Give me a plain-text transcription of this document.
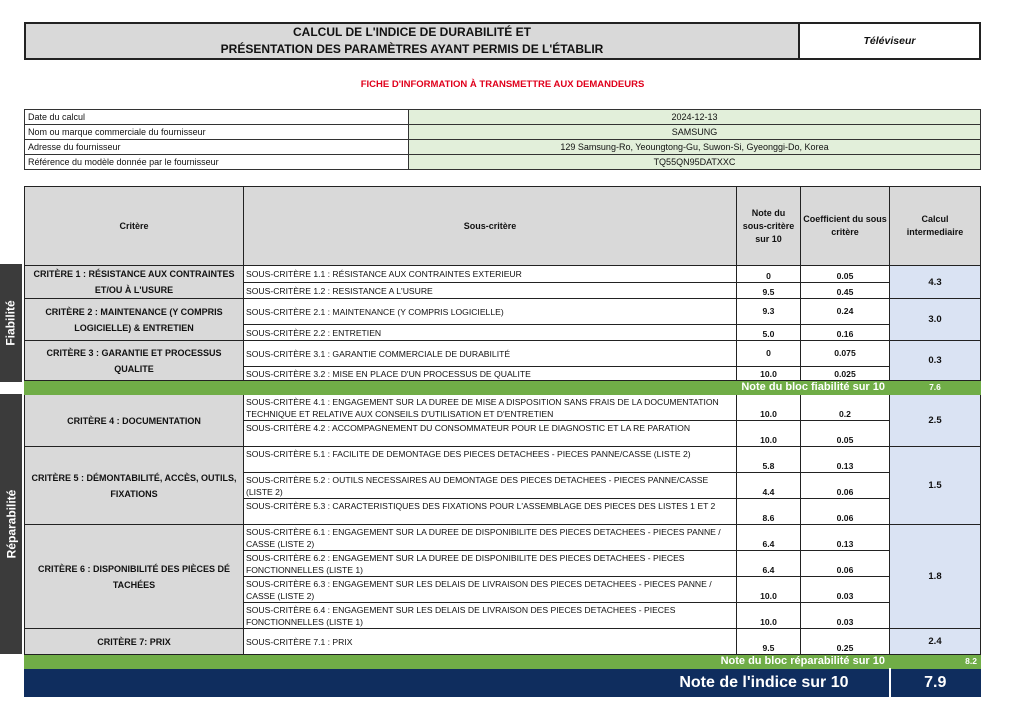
CALCUL DE L'INDICE DE DURABILITÉ ET
PRÉSENTATION DES PARAMÈTRES AYANT PERMIS DE L'ÉTABLIR
Téléviseur
FICHE D'INFORMATION À TRANSMETTRE AUX DEMANDEURS
Date du calcul	2024-12-13
Nom ou marque commerciale du fournisseur	SAMSUNG
Adresse du fournisseur	129 Samsung-Ro, Yeoungtong-Gu, Suwon-Si, Gyeonggi-Do, Korea
Référence du modèle donnée par le fournisseur	TQ55QN95DATXXC
Fiabilité
Réparabilité
Critère	Sous-critère	Note du sous-critère sur 10	Coefficient du sous critère	Calcul intermediaire
CRITÈRE 1 : RÉSISTANCE AUX CONTRAINTES ET/OU À L'USURE	SOUS-CRITÈRE 1.1 : RÉSISTANCE AUX CONTRAINTES EXTERIEUR	0	0.05	4.3
	SOUS-CRITÈRE 1.2 : RESISTANCE A L'USURE	9.5	0.45	
CRITÈRE 2 : MAINTENANCE (Y COMPRIS LOGICIELLE) & ENTRETIEN	SOUS-CRITÈRE 2.1 : MAINTENANCE (Y COMPRIS LOGICIELLE)	9.3	0.24	3.0
	SOUS-CRITÈRE 2.2 : ENTRETIEN	5.0	0.16	
CRITÈRE 3 : GARANTIE ET PROCESSUS QUALITE	SOUS-CRITÈRE 3.1 : GARANTIE COMMERCIALE DE DURABILITÉ	0	0.075	0.3
	SOUS-CRITÈRE 3.2 : MISE EN PLACE D'UN PROCESSUS DE QUALITE	10.0	0.025	
Note du bloc fiabilité sur 10				7.6
CRITÈRE 4 : DOCUMENTATION	SOUS-CRITÈRE 4.1 : ENGAGEMENT SUR LA DUREE DE MISE A DISPOSITION SANS FRAIS DE LA DOCUMENTATION TECHNIQUE ET RELATIVE AUX CONSEILS D'UTILISATION ET D'ENTRETIEN	10.0	0.2	2.5
	SOUS-CRITÈRE 4.2 : ACCOMPAGNEMENT DU CONSOMMATEUR POUR LE DIAGNOSTIC ET LA RE PARATION	10.0	0.05	
CRITÈRE 5 : DÉMONTABILITÉ, ACCÈS, OUTILS, FIXATIONS	SOUS-CRITÈRE 5.1 : FACILITE DE DEMONTAGE DES PIECES DETACHEES - PIECES PANNE/CASSE (LISTE 2)	5.8	0.13	1.5
	SOUS-CRITÈRE 5.2 : OUTILS NECESSAIRES AU DEMONTAGE DES PIECES DETACHEES - PIECES PANNE/CASSE (LISTE 2)	4.4	0.06	
	SOUS-CRITÈRE 5.3 : CARACTERISTIQUES DES FIXATIONS POUR L'ASSEMBLAGE DES PIECES DES LISTES 1 ET 2	8.6	0.06	
CRITÈRE 6 : DISPONIBILITÉ DES PIÈCES DÉ TACHÉES	SOUS-CRITÈRE 6.1 : ENGAGEMENT SUR LA DUREE DE DISPONIBILITE DES PIECES DETACHEES - PIECES PANNE / CASSE (LISTE 2)	6.4	0.13	1.8
	SOUS-CRITÈRE 6.2 : ENGAGEMENT SUR LA DUREE DE DISPONIBILITE DES PIECES DETACHEES - PIECES FONCTIONNELLES (LISTE 1)	6.4	0.06	
	SOUS-CRITÈRE 6.3 : ENGAGEMENT SUR LES DELAIS DE LIVRAISON DES PIECES DETACHEES - PIECES PANNE / CASSE (LISTE 2)	10.0	0.03	
	SOUS-CRITÈRE 6.4 : ENGAGEMENT SUR LES DELAIS DE LIVRAISON DES PIECES DETACHEES - PIECES FONCTIONNELLES (LISTE 1)	10.0	0.03	
CRITÈRE 7: PRIX	SOUS-CRITÈRE 7.1 : PRIX	9.5	0.25	2.4
Note du bloc réparabilité sur 10				8.2
Note de l'indice sur 10				7.9
